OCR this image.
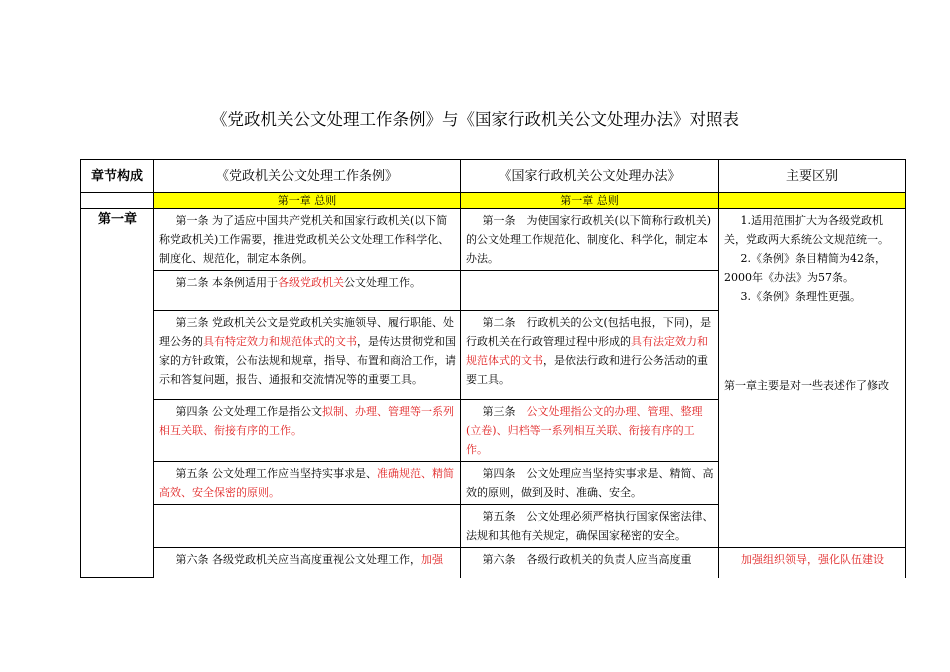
《党政机关公文处理工作条例》与《国家行政机关公文处理办法》对照表
章节构成	《党政机关公文处理工作条例》	《国家行政机关公文处理办法》	主要区别
	第一章 总则	第一章 总则	
第一章	第一条 为了适应中国共产党机关和国家行政机关(以下简称党政机关)工作需要，推进党政机关公文处理工作科学化、制度化、规范化，制定本条例。	第一条　为使国家行政机关(以下简称行政机关)的公文处理工作规范化、制度化、科学化，制定本办法。	1.适用范围扩大为各级党政机关，党政两大系统公文规范统一。

2.《条例》条目精简为42条，2000年《办法》为57条。

3.《条例》条理性更强。

第一章主要是对一些表述作了修改

	第二条 本条例适用于各级党政机关公文处理工作。		
	第三条 党政机关公文是党政机关实施领导、履行职能、处理公务的具有特定效力和规范体式的文书，是传达贯彻党和国家的方针政策，公布法规和规章，指导、布置和商洽工作，请示和答复问题，报告、通报和交流情况等的重要工具。	第二条　行政机关的公文(包括电报，下同)，是行政机关在行政管理过程中形成的具有法定效力和规范体式的文书，是依法行政和进行公务活动的重要工具。	
	第四条 公文处理工作是指公文拟制、办理、管理等一系列相互关联、衔接有序的工作。	第三条　公文处理指公文的办理、管理、整理(立卷)、归档等一系列相互关联、衔接有序的工作。	
	第五条 公文处理工作应当坚持实事求是、准确规范、精简高效、安全保密的原则。	第四条　公文处理应当坚持实事求是、精简、高效的原则，做到及时、准确、安全。	
		第五条　公文处理必须严格执行国家保密法律、法规和其他有关规定，确保国家秘密的安全。	
	第六条 各级党政机关应当高度重视公文处理工作，加强	第六条　各级行政机关的负责人应当高度重	加强组织领导，强化队伍建设
